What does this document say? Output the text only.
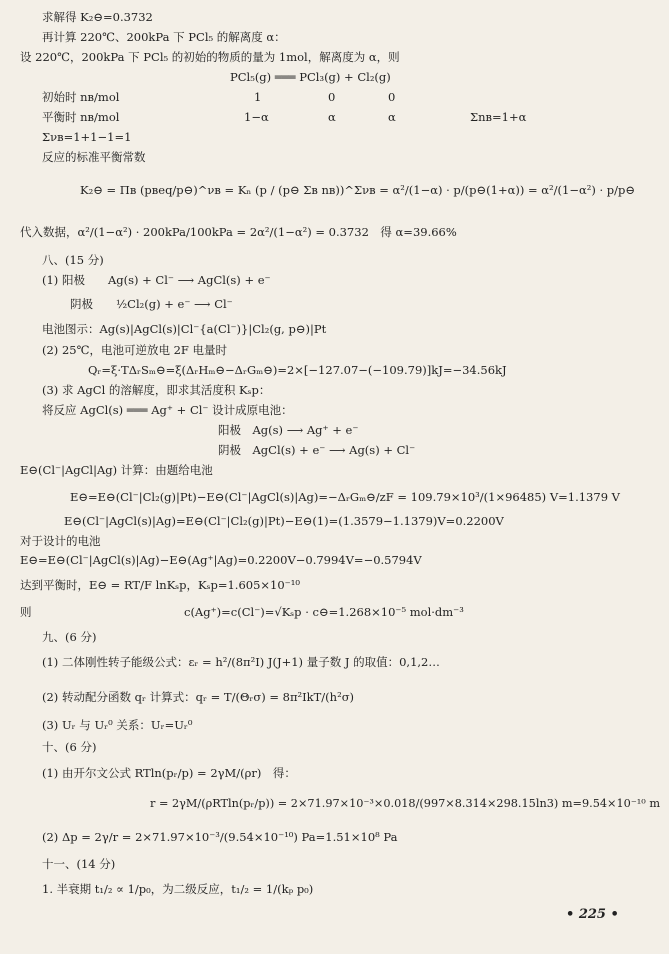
求解得 K₂⊖=0.3732
再计算 220℃、200kPa 下 PCl₅ 的解离度 α：
设 220℃，200kPa 下 PCl₅ 的初始的物质的量为 1mol，解离度为 α，则
PCl₅(g) ═══ PCl₃(g) + Cl₂(g)
初始时 nʙ/mol	1	0	0
平衡时 nʙ/mol	1−α	α	α	Σnʙ=1+α
Σνʙ=1+1−1=1
反应的标准平衡常数
K₂⊖ = Πʙ (pʙeq/p⊖)^νʙ = Kₙ (p / (p⊖ Σʙ nʙ))^Σνʙ = α²/(1−α) · p/(p⊖(1+α)) = α²/(1−α²) · p/p⊖
代入数据，α²/(1−α²) · 200kPa/100kPa = 2α²/(1−α²) = 0.3732　得 α=39.66%
八、(15 分)
(1) 阳极　　Ag(s) + Cl⁻ ⟶ AgCl(s) + e⁻
阴极　　½Cl₂(g) + e⁻ ⟶ Cl⁻
电池图示：Ag(s)|AgCl(s)|Cl⁻{a(Cl⁻)}|Cl₂(g, p⊖)|Pt
(2) 25℃，电池可逆放电 2F 电量时
Qᵣ=ξ·TΔᵣSₘ⊖=ξ(ΔᵣHₘ⊖−ΔᵣGₘ⊖)=2×[−127.07−(−109.79)]kJ=−34.56kJ
(3) 求 AgCl 的溶解度，即求其活度积 Kₛp：
将反应 AgCl(s) ═══ Ag⁺ + Cl⁻ 设计成原电池：
阳极　Ag(s) ⟶ Ag⁺ + e⁻
阴极　AgCl(s) + e⁻ ⟶ Ag(s) + Cl⁻
E⊖(Cl⁻|AgCl|Ag) 计算：由题给电池
E⊖=E⊖(Cl⁻|Cl₂(g)|Pt)−E⊖(Cl⁻|AgCl(s)|Ag)=−ΔᵣGₘ⊖/zF = 109.79×10³/(1×96485) V=1.1379 V
E⊖(Cl⁻|AgCl(s)|Ag)=E⊖(Cl⁻|Cl₂(g)|Pt)−E⊖(1)=(1.3579−1.1379)V=0.2200V
对于设计的电池
E⊖=E⊖(Cl⁻|AgCl(s)|Ag)−E⊖(Ag⁺|Ag)=0.2200V−0.7994V=−0.5794V
达到平衡时，E⊖ = RT/F lnKₛp，Kₛp=1.605×10⁻¹⁰
则	c(Ag⁺)=c(Cl⁻)=√Kₛp · c⊖=1.268×10⁻⁵ mol·dm⁻³
九、(6 分)
(1) 二体刚性转子能级公式：εᵣ = h²/(8π²I) J(J+1) 量子数 J 的取值：0,1,2…
(2) 转动配分函数 qᵣ 计算式：qᵣ = T/(Θᵣσ) = 8π²IkT/(h²σ)
(3) Uᵣ 与 Uᵣ⁰ 关系：Uᵣ=Uᵣ⁰
十、(6 分)
(1) 由开尔文公式 RTln(pᵣ/p) = 2γM/(ρr)　得：
r = 2γM/(ρRTln(pᵣ/p)) = 2×71.97×10⁻³×0.018/(997×8.314×298.15ln3) m=9.54×10⁻¹⁰ m
(2) Δp = 2γ/r = 2×71.97×10⁻³/(9.54×10⁻¹⁰) Pa=1.51×10⁸ Pa
十一、(14 分)
1. 半衰期 t₁/₂ ∝ 1/p₀，为二级反应，t₁/₂ = 1/(kₚ p₀)
• 225 •
